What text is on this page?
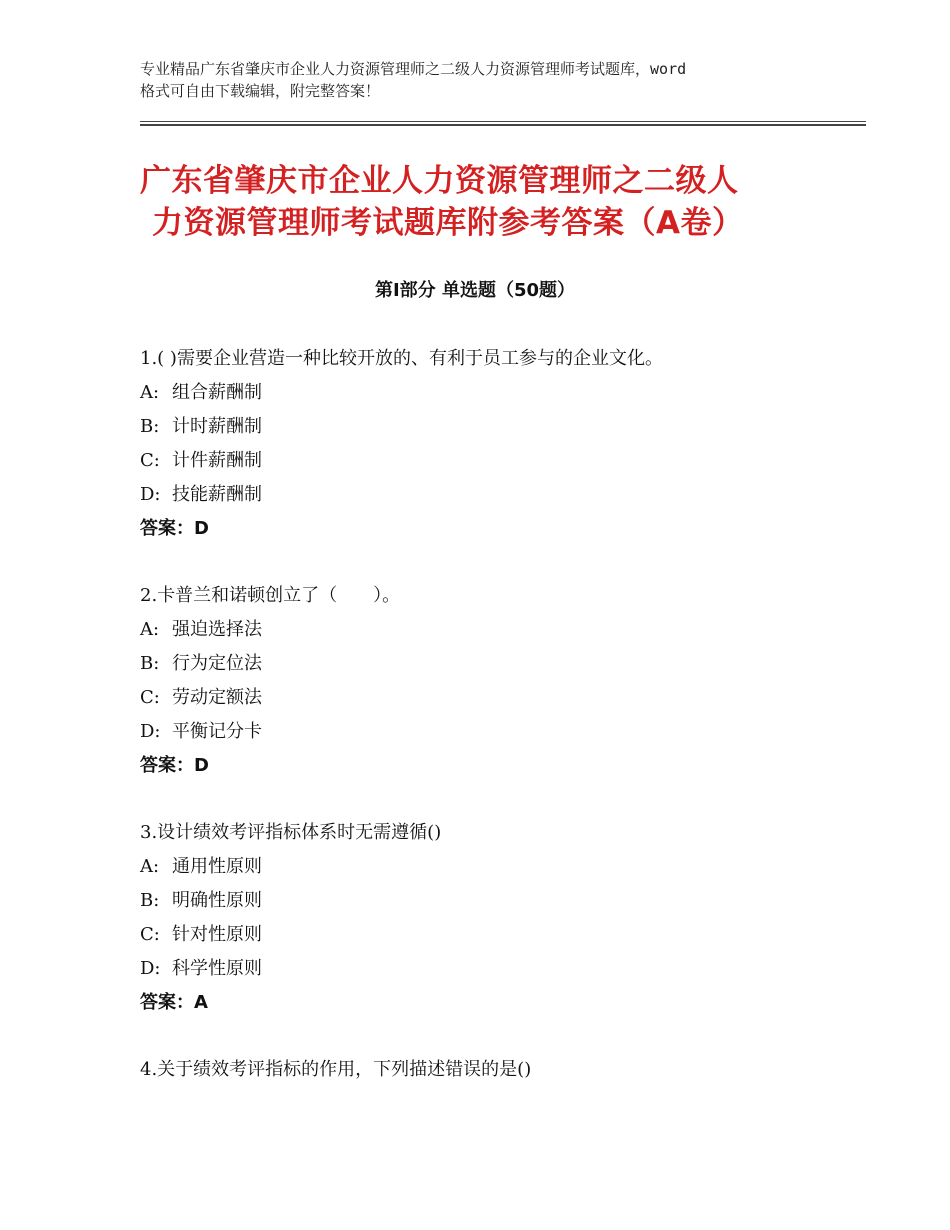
专业精品广东省肇庆市企业人力资源管理师之二级人力资源管理师考试题库，word
格式可自由下载编辑，附完整答案！
广东省肇庆市企业人力资源管理师之二级人
力资源管理师考试题库附参考答案（A卷）
第Ⅰ部分 单选题（50题）
1.( )需要企业营造一种比较开放的、有利于员工参与的企业文化。
A: 组合薪酬制
B: 计时薪酬制
C: 计件薪酬制
D: 技能薪酬制
答案：D
2.卡普兰和诺顿创立了（　　）。
A: 强迫选择法
B: 行为定位法
C: 劳动定额法
D: 平衡记分卡
答案：D
3.设计绩效考评指标体系时无需遵循()
A: 通用性原则
B: 明确性原则
C: 针对性原则
D: 科学性原则
答案：A
4.关于绩效考评指标的作用，下列描述错误的是()
